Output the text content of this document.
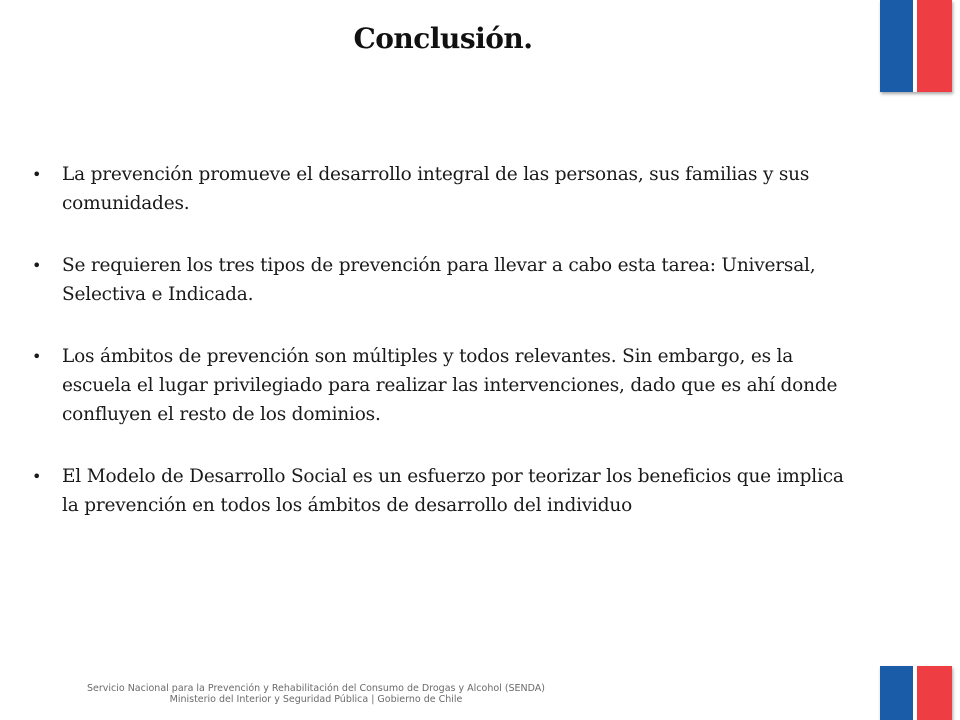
Conclusión.
• La prevención promueve el desarrollo integral de las personas, sus familias y sus comunidades.
• Se requieren los tres tipos de prevención para llevar a cabo esta tarea: Universal, Selectiva e Indicada.
• Los ámbitos de prevención son múltiples y todos relevantes. Sin embargo, es la escuela el lugar privilegiado para realizar las intervenciones, dado que es ahí donde confluyen el resto de los dominios.
• El Modelo de Desarrollo Social es un esfuerzo por teorizar los beneficios que implica la prevención en todos los ámbitos de desarrollo del individuo
Servicio Nacional para la Prevención y Rehabilitación del Consumo de Drogas y Alcohol (SENDA)
Ministerio del Interior y Seguridad Pública | Gobierno de Chile
